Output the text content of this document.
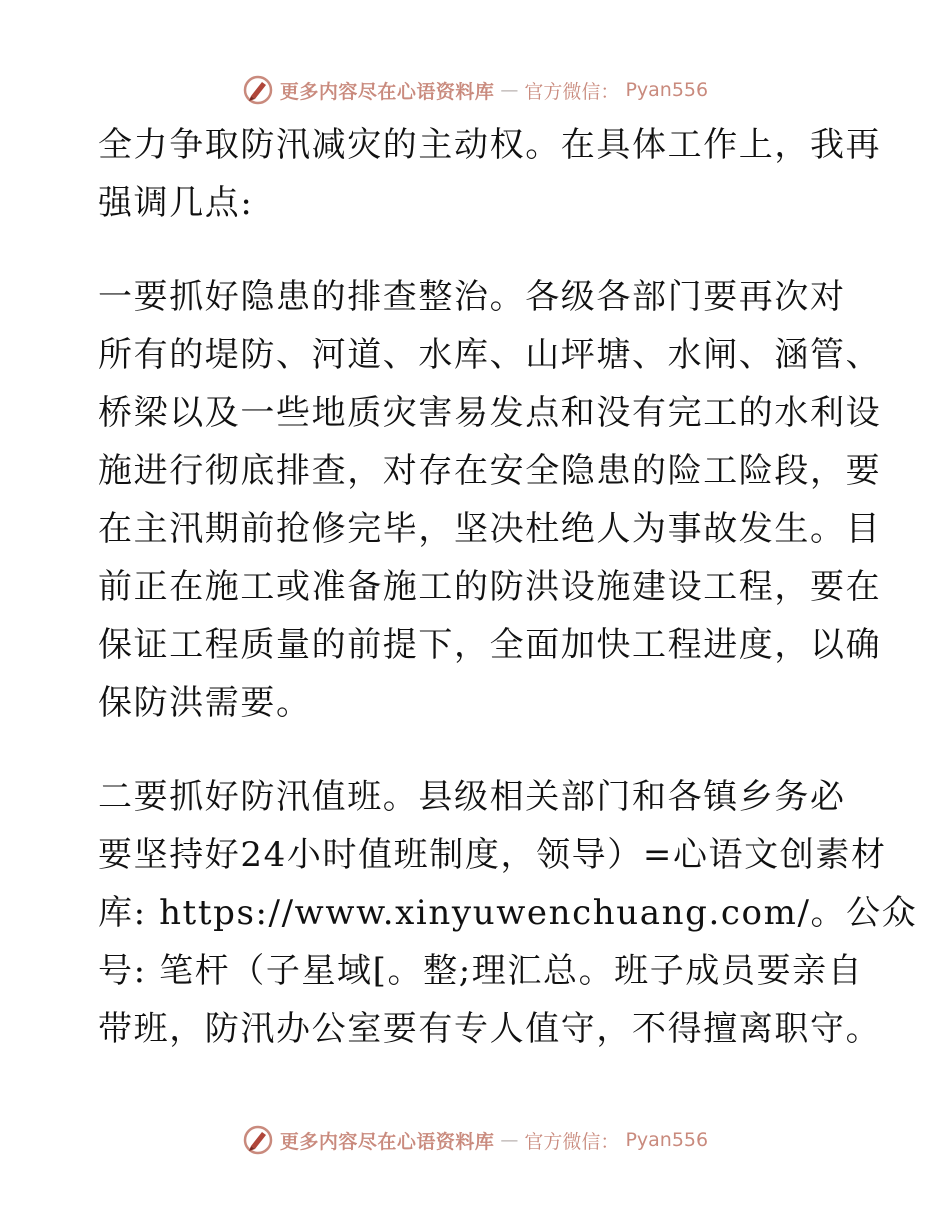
更多内容尽在心语资料库 — 官方微信： Pyan556
全力争取防汛减灾的主动权。在具体工作上，我再
强调几点:
一要抓好隐患的排查整治。各级各部门要再次对
所有的堤防、河道、水库、山坪塘、水闸、涵管、
桥梁以及一些地质灾害易发点和没有完工的水利设
施进行彻底排查，对存在安全隐患的险工险段，要
在主汛期前抢修完毕，坚决杜绝人为事故发生。目
前正在施工或准备施工的防洪设施建设工程，要在
保证工程质量的前提下，全面加快工程进度，以确
保防洪需要。
二要抓好防汛值班。县级相关部门和各镇乡务必
要坚持好24小时值班制度，领导）=心语文创素材
库: https://www.xinyuwenchuang.com/。公众
号: 笔杆（子星域[。整;理汇总。班子成员要亲自
带班，防汛办公室要有专人值守，不得擅离职守。
更多内容尽在心语资料库 — 官方微信： Pyan556
